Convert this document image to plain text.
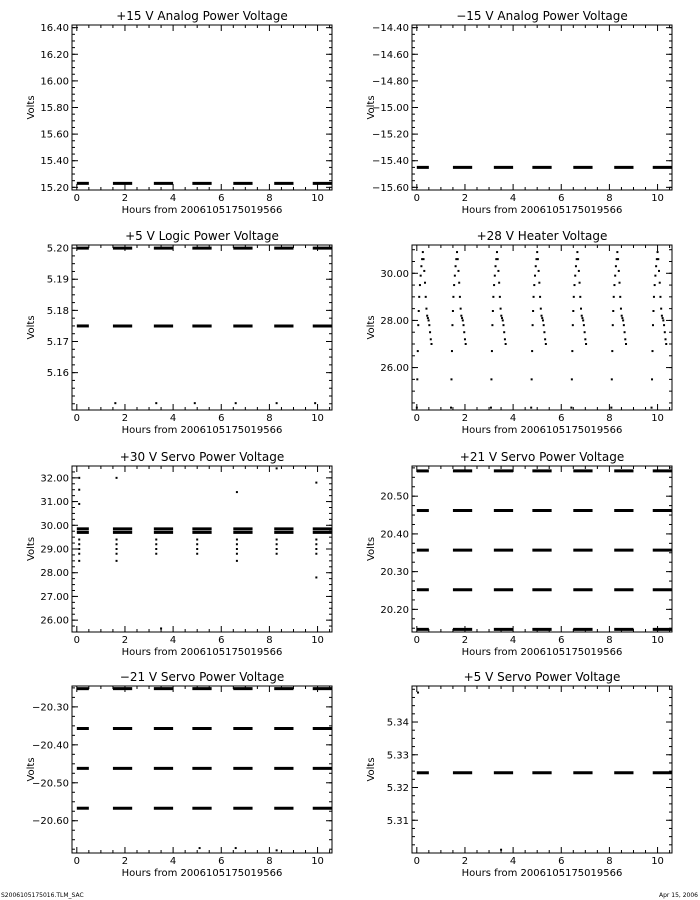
+15 V Analog Power Voltage
Hours from 2006105175019566
Volts
0	2	4	6	8	10
15.20
15.40
15.60
15.80
16.00
16.20
16.40
−15 V Analog Power Voltage
Hours from 2006105175019566
Volts
0	2	4	6	8	10
−15.60
−15.40
−15.20
−15.00
−14.80
−14.60
−14.40
+5 V Logic Power Voltage
Hours from 2006105175019566
Volts
0	2	4	6	8	10
5.16
5.17
5.18
5.19
5.20
+28 V Heater Voltage
Hours from 2006105175019566
Volts
0	2	4	6	8	10
26.00
28.00
30.00
+30 V Servo Power Voltage
Hours from 2006105175019566
Volts
0	2	4	6	8	10
26.00
27.00
28.00
29.00
30.00
31.00
32.00
+21 V Servo Power Voltage
Hours from 2006105175019566
Volts
0	2	4	6	8	10
20.20
20.30
20.40
20.50
−21 V Servo Power Voltage
Hours from 2006105175019566
Volts
0	2	4	6	8	10
−20.60
−20.50
−20.40
−20.30
+5 V Servo Power Voltage
Hours from 2006105175019566
Volts
0	2	4	6	8	10
5.31
5.32
5.33
5.34
S2006105175016.TLM_SAC	Apr 15, 2006
